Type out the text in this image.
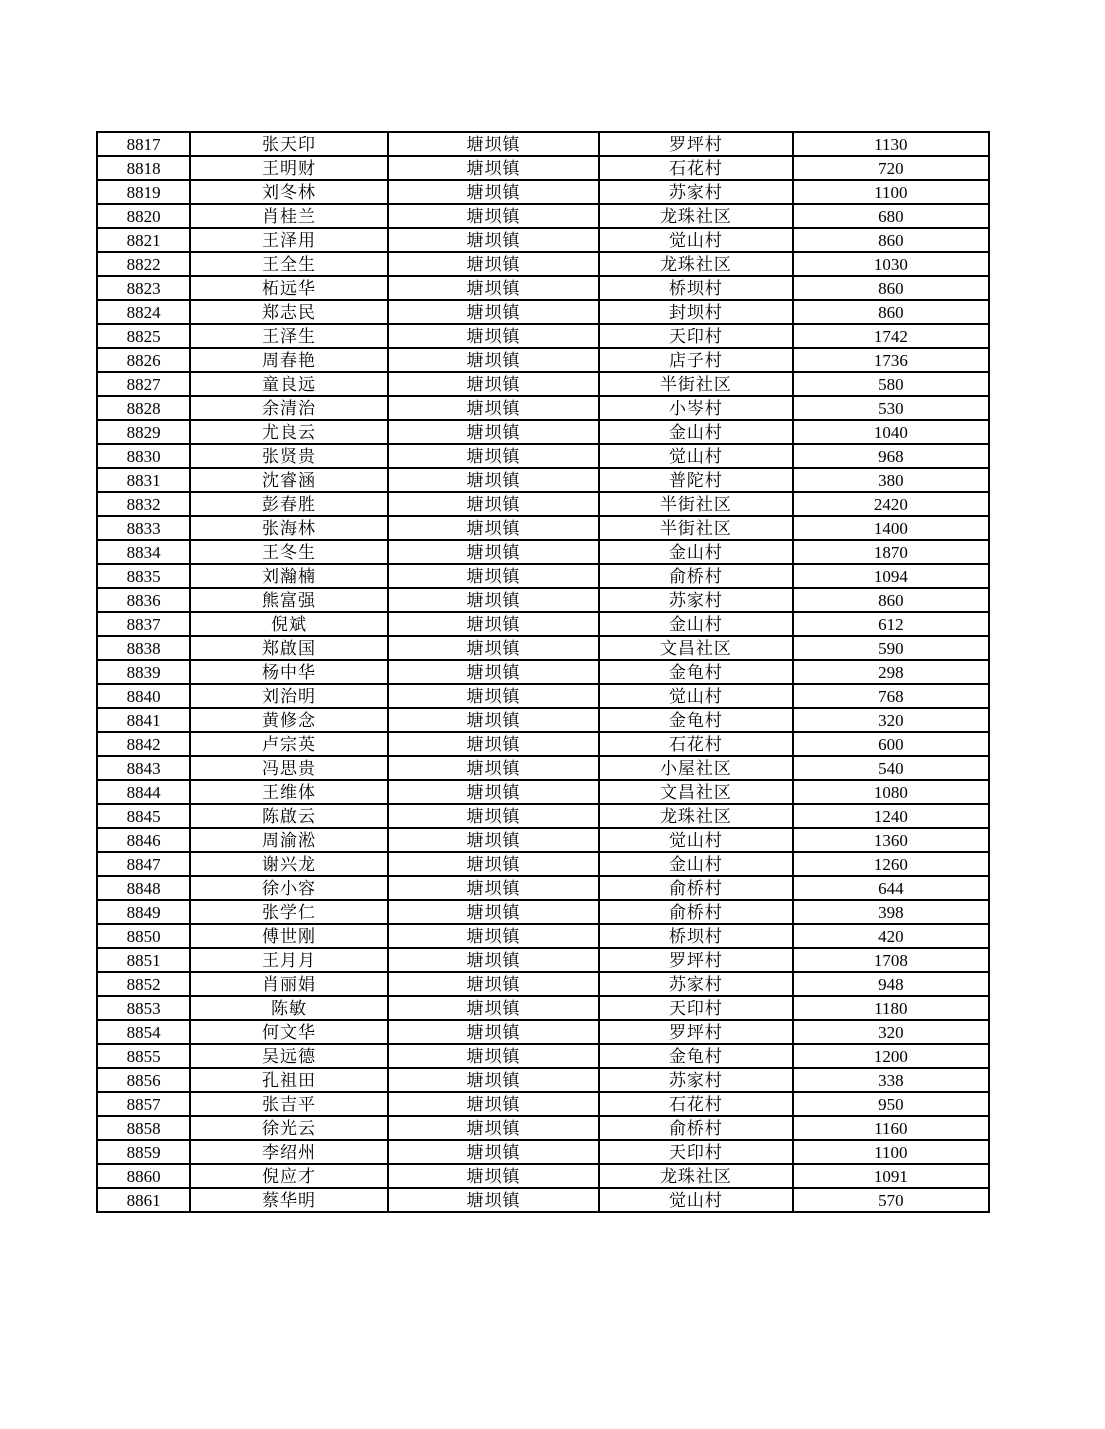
8817	张天印	塘坝镇	罗坪村	1130
8818	王明财	塘坝镇	石花村	720
8819	刘冬林	塘坝镇	苏家村	1100
8820	肖桂兰	塘坝镇	龙珠社区	680
8821	王泽用	塘坝镇	觉山村	860
8822	王全生	塘坝镇	龙珠社区	1030
8823	柘远华	塘坝镇	桥坝村	860
8824	郑志民	塘坝镇	封坝村	860
8825	王泽生	塘坝镇	天印村	1742
8826	周春艳	塘坝镇	店子村	1736
8827	童良远	塘坝镇	半街社区	580
8828	余清治	塘坝镇	小岑村	530
8829	尤良云	塘坝镇	金山村	1040
8830	张贤贵	塘坝镇	觉山村	968
8831	沈睿涵	塘坝镇	普陀村	380
8832	彭春胜	塘坝镇	半街社区	2420
8833	张海林	塘坝镇	半街社区	1400
8834	王冬生	塘坝镇	金山村	1870
8835	刘瀚楠	塘坝镇	俞桥村	1094
8836	熊富强	塘坝镇	苏家村	860
8837	倪斌	塘坝镇	金山村	612
8838	郑啟国	塘坝镇	文昌社区	590
8839	杨中华	塘坝镇	金龟村	298
8840	刘治明	塘坝镇	觉山村	768
8841	黄修念	塘坝镇	金龟村	320
8842	卢宗英	塘坝镇	石花村	600
8843	冯思贵	塘坝镇	小屋社区	540
8844	王维体	塘坝镇	文昌社区	1080
8845	陈啟云	塘坝镇	龙珠社区	1240
8846	周渝淞	塘坝镇	觉山村	1360
8847	谢兴龙	塘坝镇	金山村	1260
8848	徐小容	塘坝镇	俞桥村	644
8849	张学仁	塘坝镇	俞桥村	398
8850	傅世刚	塘坝镇	桥坝村	420
8851	王月月	塘坝镇	罗坪村	1708
8852	肖丽娟	塘坝镇	苏家村	948
8853	陈敏	塘坝镇	天印村	1180
8854	何文华	塘坝镇	罗坪村	320
8855	吴远德	塘坝镇	金龟村	1200
8856	孔祖田	塘坝镇	苏家村	338
8857	张吉平	塘坝镇	石花村	950
8858	徐光云	塘坝镇	俞桥村	1160
8859	李绍州	塘坝镇	天印村	1100
8860	倪应才	塘坝镇	龙珠社区	1091
8861	蔡华明	塘坝镇	觉山村	570
